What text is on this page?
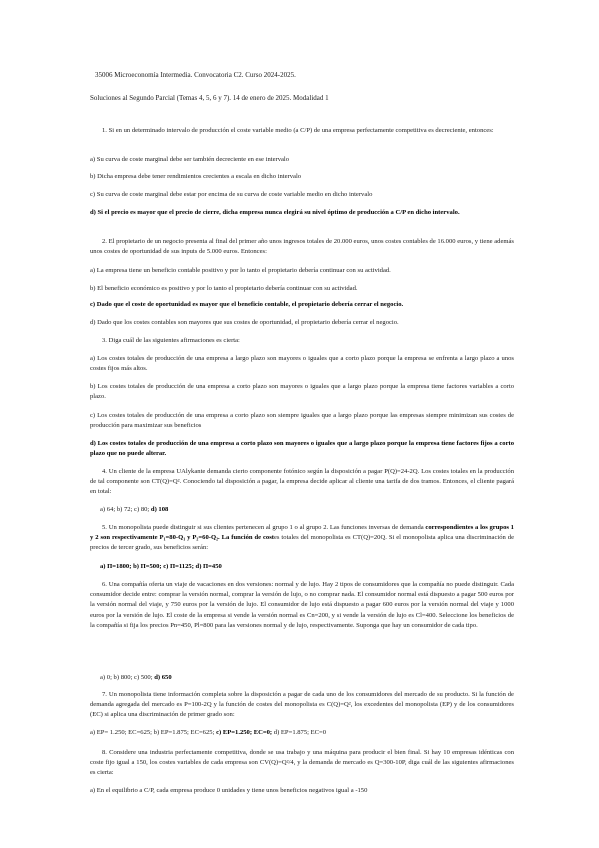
35006 Microeconomía Intermedia. Convocatoria C2. Curso 2024-2025.

Soluciones al Segundo Parcial (Temas 4, 5, 6 y 7). 14 de enero de 2025. Modalidad 1

1. Si en un determinado intervalo de producción el coste variable medio (a C/P) de una empresa perfectamente competitiva es decreciente, entonces:

a) Su curva de coste marginal debe ser también decreciente en ese intervalo

b) Dicha empresa debe tener rendimientos crecientes a escala en dicho intervalo

c) Su curva de coste marginal debe estar por encima de su curva de coste variable medio en dicho intervalo

d) Si el precio es mayor que el precio de cierre, dicha empresa nunca elegirá su nivel óptimo de producción a C/P en dicho intervalo.

2. El propietario de un negocio presenta al final del primer año unos ingresos totales de 20.000 euros, unos costes contables de 16.000 euros, y tiene además unos costes de oportunidad de sus inputs de 5.000 euros. Entonces:

a) La empresa tiene un beneficio contable positivo y por lo tanto el propietario debería continuar con su actividad.

b) El beneficio económico es positivo y por lo tanto el propietario debería continuar con su actividad.

c) Dado que el coste de oportunidad es mayor que el beneficio contable, el propietario debería cerrar el negocio.

d) Dado que los costes contables son mayores que sus costes de oportunidad, el propietario debería cerrar el negocio.

3. Diga cuál de las siguientes afirmaciones es cierta:

a) Los costes totales de producción de una empresa a largo plazo son mayores o iguales que a corto plazo porque la empresa se enfrenta a largo plazo a unos costes fijos más altos.

b) Los costes totales de producción de una empresa a corto plazo son mayores o iguales que a largo plazo porque la empresa tiene factores variables a corto plazo.

c) Los costes totales de producción de una empresa a corto plazo son siempre iguales que a largo plazo porque las empresas siempre minimizan sus costes de producción para maximizar sus beneficios

d) Los costes totales de producción de una empresa a corto plazo son mayores o iguales que a largo plazo porque la empresa tiene factores fijos a corto plazo que no puede alterar.

4. Un cliente de la empresa UAlykante demanda cierto componente fotónico según la disposición a pagar P(Q)=24-2Q. Los costes totales en la producción de tal componente son CT(Q)=Q². Conociendo tal disposición a pagar, la empresa decide aplicar al cliente una tarifa de dos tramos. Entonces, el cliente pagará en total:

a) 64; b) 72; c) 80; d) 108

5. Un monopolista puede distinguir si sus clientes pertenecen al grupo 1 o al grupo 2. Las funciones inversas de demanda correspondientes a los grupos 1 y 2 son respectivamente P₁=80-Q₁ y P₂=60-Q₂. La función de costes totales del monopolista es CT(Q)=20Q. Si el monopolista aplica una discriminación de precios de tercer grado, sus beneficios serán:

a) Π=1800; b) Π=500; c) Π=1125; d) Π=450

6. Una compañía oferta un viaje de vacaciones en dos versiones: normal y de lujo. Hay 2 tipos de consumidores que la compañía no puede distinguir. Cada consumidor decide entre: comprar la versión normal, comprar la versión de lujo, o no comprar nada. El consumidor normal está dispuesto a pagar 500 euros por la versión normal del viaje, y 750 euros por la versión de lujo. El consumidor de lujo está dispuesto a pagar 600 euros por la versión normal del viaje y 1000 euros por la versión de lujo. El coste de la empresa si vende la versión normal es Cn=200, y si vende la versión de lujo es Cl=400. Seleccione los beneficios de la compañía si fija los precios Pn=450, Pl=800 para las versiones normal y de lujo, respectivamente. Suponga que hay un consumidor de cada tipo.

a) 0; b) 800; c) 500; d) 650

7. Un monopolista tiene información completa sobre la disposición a pagar de cada uno de los consumidores del mercado de su producto. Si la función de demanda agregada del mercado es P=100-2Q y la función de costes del monopolista es C(Q)=Q², los excedentes del monopolista (EP) y de los consumidores (EC) si aplica una discriminación de primer grado son:

a) EP= 1.250; EC=625; b) EP=1.875; EC=625; c) EP=1.250; EC=0; d) EP=1.875; EC=0

8. Considere una industria perfectamente competitiva, donde se usa trabajo y una máquina para producir el bien final. Si hay 10 empresas idénticas con coste fijo igual a 150, los costes variables de cada empresa son CV(Q)=Q²/4, y la demanda de mercado es Q=300-10P, diga cuál de las siguientes afirmaciones es cierta:

a) En el equilibrio a C/P, cada empresa produce 0 unidades y tiene unos beneficios negativos igual a -150
